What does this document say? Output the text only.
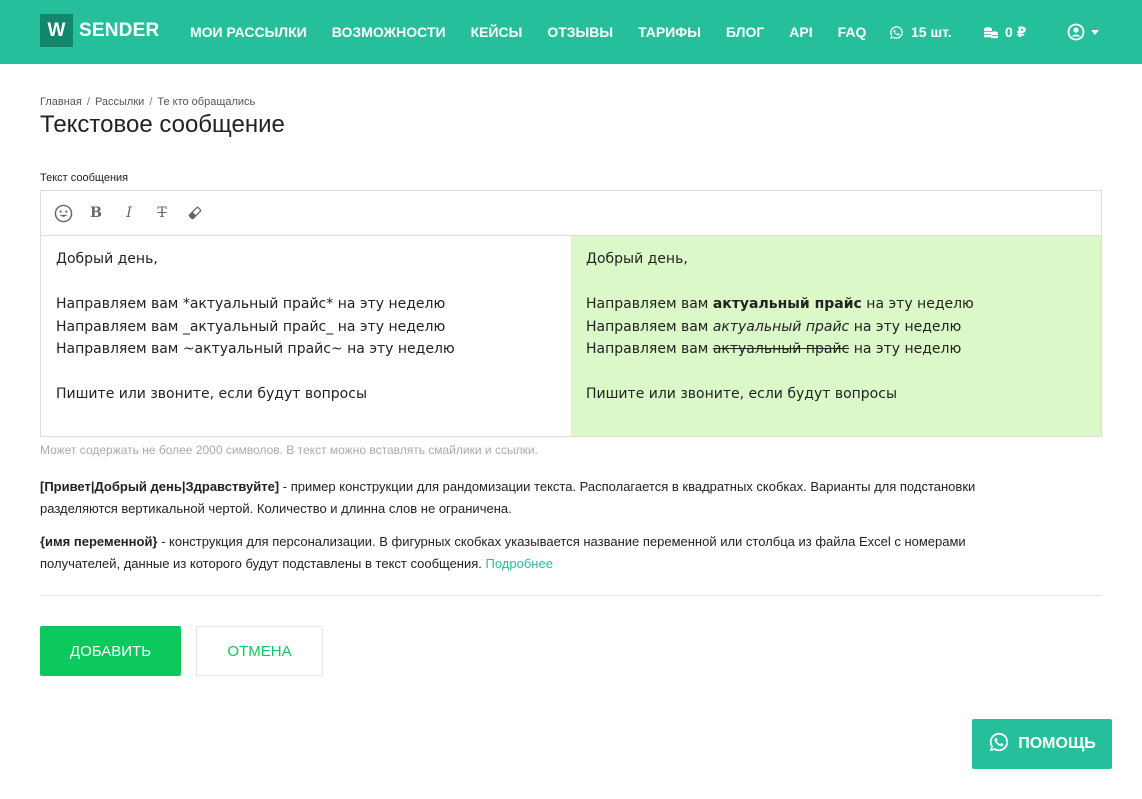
W SENDER МОИ РАССЫЛКИ ВОЗМОЖНОСТИ КЕЙСЫ ОТЗЫВЫ ТАРИФЫ БЛОГ API FAQ	15 шт.	0 ₽
Главная / Рассылки / Те кто обращались
Текстовое сообщение
Текст сообщения
B	I	T
Добрый день,
Направляем вам *актуальный прайс* на эту неделю
Направляем вам _актуальный прайс_ на эту неделю
Направляем вам ~актуальный прайс~ на эту неделю
Пишите или звоните, если будут вопросы
Добрый день,
Направляем вам актуальный прайс на эту неделю
Направляем вам актуальный прайс на эту неделю
Направляем вам актуальный прайс на эту неделю
Пишите или звоните, если будут вопросы
Может содержать не более 2000 символов. В текст можно вставлять смайлики и ссылки.
[Привет|Добрый день|Здравствуйте] - пример конструкции для рандомизации текста. Располагается в квадратных скобках. Варианты для подстановки
разделяются вертикальной чертой. Количество и длинна слов не ограничена.
{имя переменной} - конструкция для персонализации. В фигурных скобках указывается название переменной или столбца из файла Excel с номерами
получателей, данные из которого будут подставлены в текст сообщения. Подробнее
ДОБАВИТЬ	ОТМЕНА
ПОМОЩЬ
